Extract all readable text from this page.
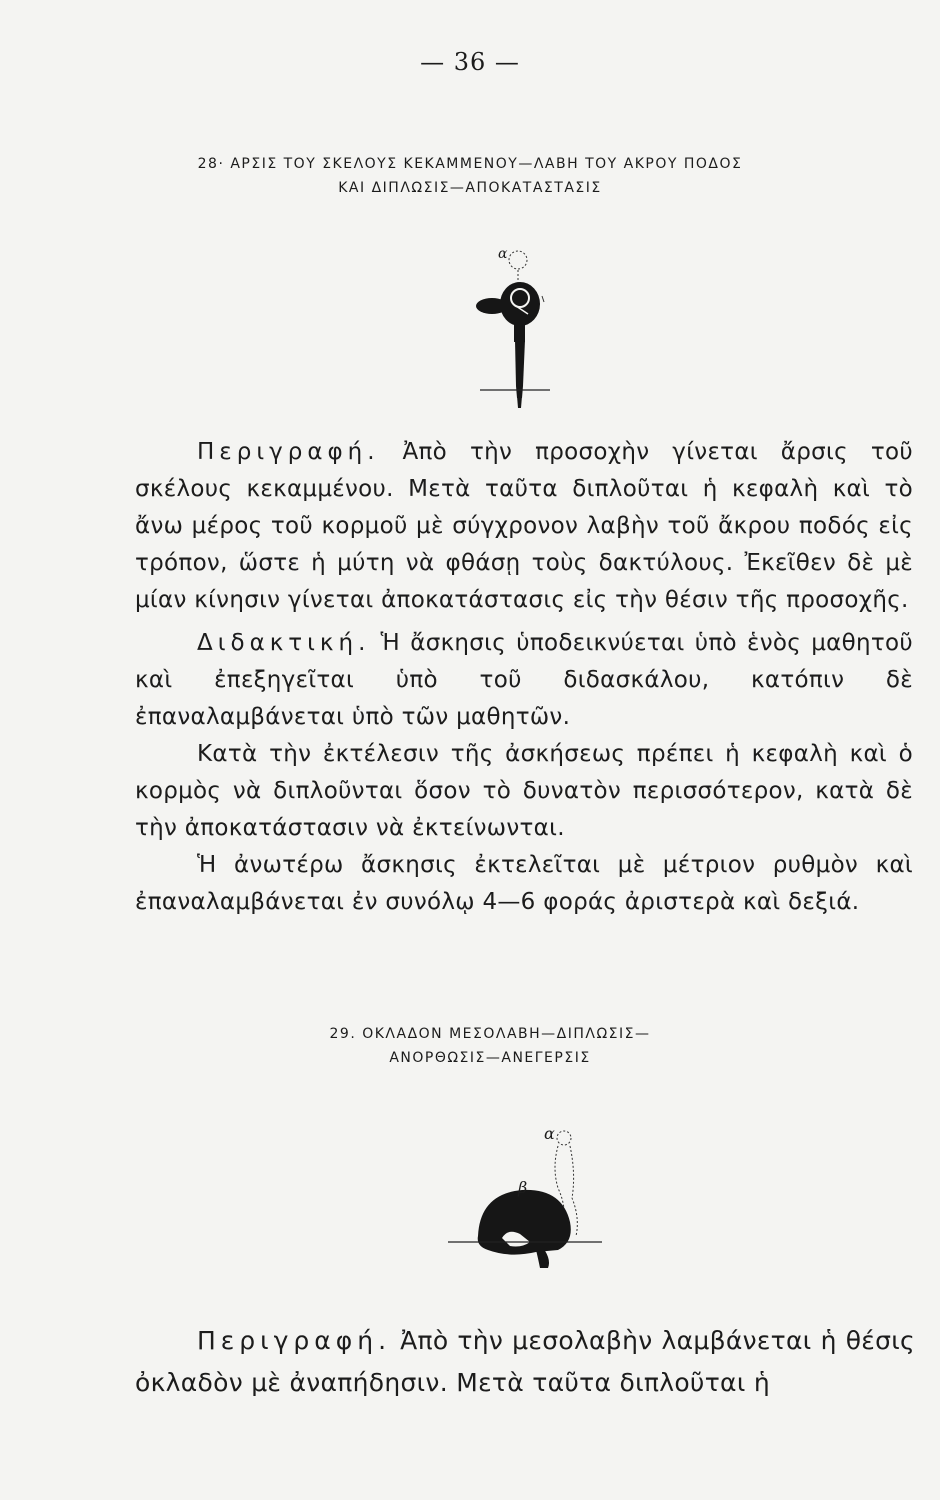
— 36 —
28· ΑΡΣΙΣ ΤΟΥ ΣΚΕΛΟΥΣ ΚΕΚΑΜΜΕΝΟΥ—ΛΑΒΗ ΤΟΥ ΑΚΡΟΥ ΠΟΔΟΣ
ΚΑΙ ΔΙΠΛΩΣΙΣ—ΑΠΟΚΑΤΑΣΤΑΣΙΣ
α

Περιγραφή. Ἀπὸ τὴν προσοχὴν γίνεται ἄρσις τοῦ σκέλους κεκαμμένου. Μετὰ ταῦτα διπλοῦται ἡ κεφαλὴ καὶ τὸ ἄνω μέρος τοῦ κορμοῦ μὲ σύγχρονον λαβὴν τοῦ ἄκρου ποδός εἰς τρόπον, ὥστε ἡ μύτη νὰ φθάσῃ τοὺς δακτύλους. Ἐκεῖθεν δὲ μὲ μίαν κίνησιν γίνεται ἀποκατάστασις εἰς τὴν θέσιν τῆς προσοχῆς.

Διδακτική. Ἡ ἄσκησις ὑποδεικνύεται ὑπὸ ἑνὸς μαθητοῦ καὶ ἐπεξηγεῖται ὑπὸ τοῦ διδασκάλου, κατόπιν δὲ ἐπαναλαμβάνεται ὑπὸ τῶν μαθητῶν.

Κατὰ τὴν ἐκτέλεσιν τῆς ἀσκήσεως πρέπει ἡ κεφαλὴ καὶ ὁ κορμὸς νὰ διπλοῦνται ὅσον τὸ δυνατὸν περισσότερον, κατὰ δὲ τὴν ἀποκατάστασιν νὰ ἐκτείνωνται.

Ἡ ἀνωτέρω ἄσκησις ἐκτελεῖται μὲ μέτριον ρυθμὸν καὶ ἐπαναλαμβάνεται ἐν συνόλῳ 4—6 φοράς ἀριστερὰ καὶ δεξιά.

29. ΟΚΛΑΔΟΝ ΜΕΣΟΛΑΒΗ—ΔΙΠΛΩΣΙΣ—
ΑΝΟΡΘΩΣΙΣ—ΑΝΕΓΕΡΣΙΣ
α
β

Περιγραφή. Ἀπὸ τὴν μεσολαβὴν λαμβάνεται ἡ θέσις ὀκλαδὸν μὲ ἀναπήδησιν. Μετὰ ταῦτα διπλοῦται ἡ
